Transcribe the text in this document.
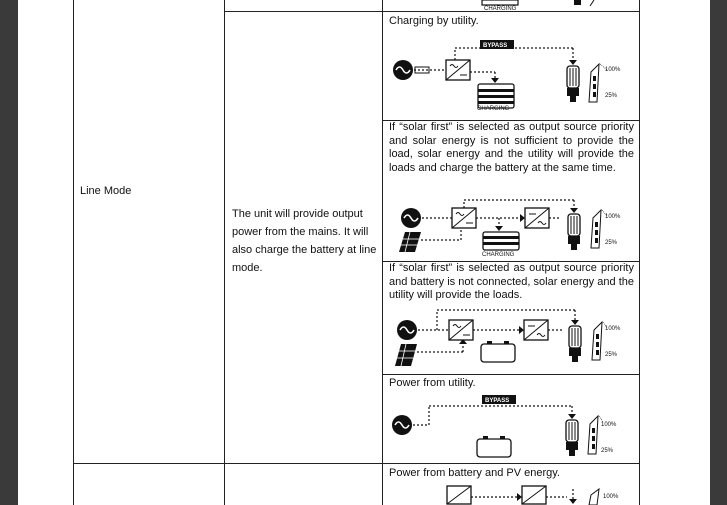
Line Mode
The unit will provide output power from the mains. It will also charge the battery at line mode.
Charging by utility.
If “solar first” is selected as output source priority and solar energy is not sufficient to provide the load, solar energy and the utility will provide the loads and charge the battery at the same time.
If “solar first” is selected as output source priority and battery is not connected, solar energy and the utility will provide the loads.
Power from utility.
Power from battery and PV energy.
CHARGING
BYPASS
CHARGING
100%
25%
CHARGING
100%
25%
100%
25%
BYPASS
100%
25%
100%
